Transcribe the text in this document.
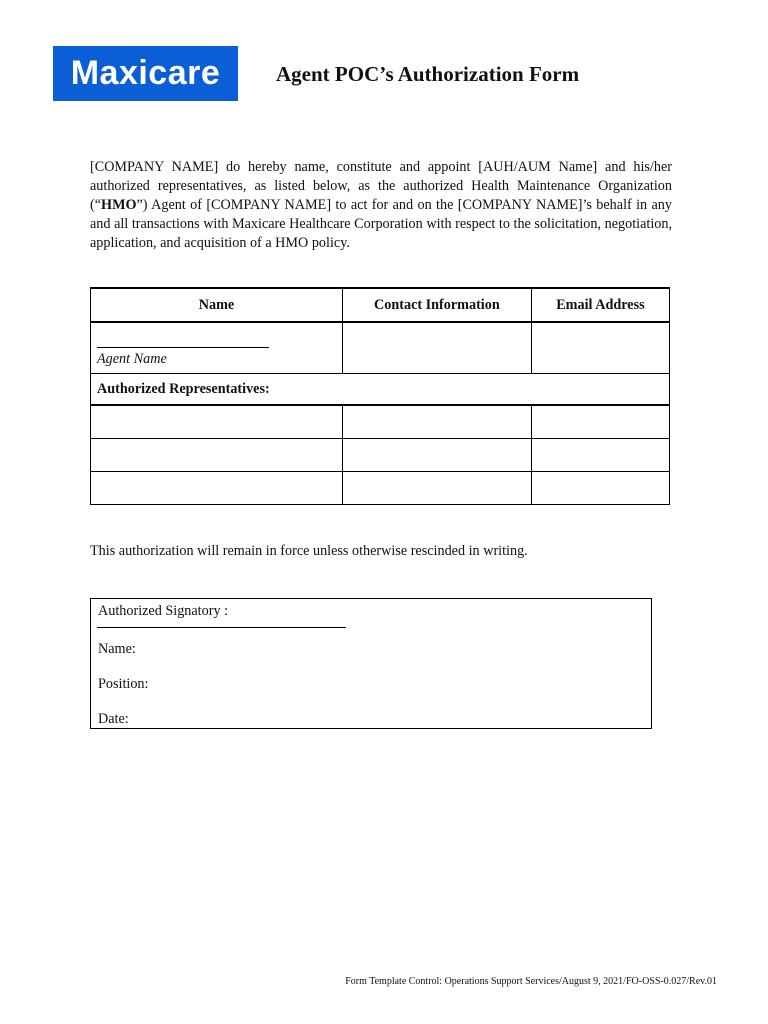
Maxicare	Agent POC’s Authorization Form
[COMPANY NAME] do hereby name, constitute and appoint [AUH/AUM Name] and his/her authorized representatives, as listed below, as the authorized Health Maintenance Organization (“HMO”) Agent of [COMPANY NAME] to act for and on the [COMPANY NAME]’s behalf in any and all transactions with Maxicare Healthcare Corporation with respect to the solicitation, negotiation, application, and acquisition of a HMO policy.
Name	Contact Information	Email Address

Agent Name		

Authorized Representatives:		

This authorization will remain in force unless otherwise rescinded in writing.
Authorized Signatory :
Name:
Position:
Date:
Form Template Control: Operations Support Services/August 9, 2021/FO-OSS-0.027/Rev.01
